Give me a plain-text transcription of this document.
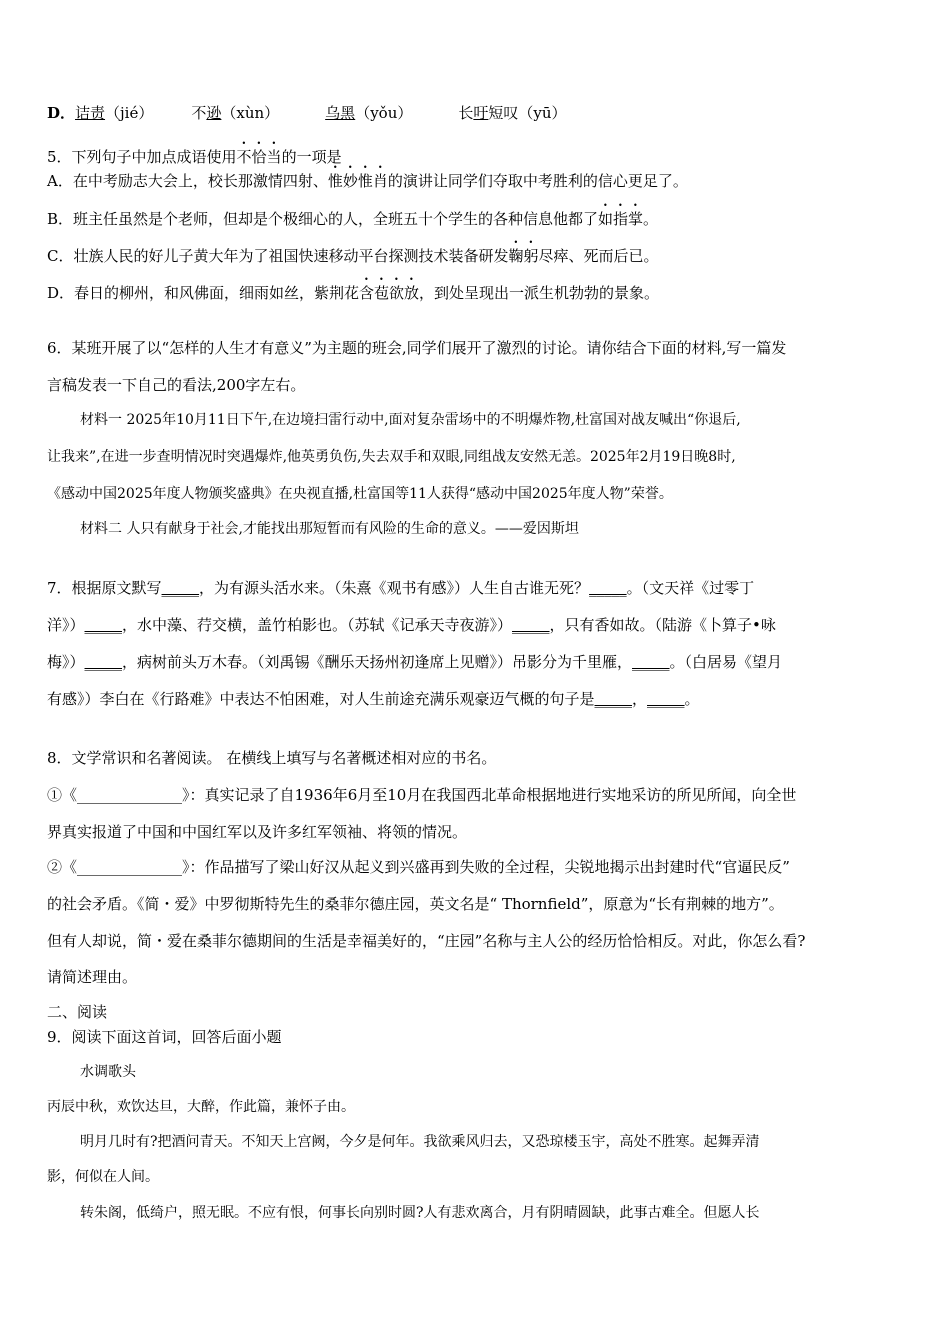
D．诘责（jié）	不逊（xùn）	乌黑（yǒu）	长吁短叹（yū）
5．下列句子中加点成语使用不恰当的一项是
A．在中考励志大会上，校长那激情四射、惟妙惟肖的演讲让同学们夺取中考胜利的信心更足了。
B．班主任虽然是个老师，但却是个极细心的人，全班五十个学生的各种信息他都了如指掌。
C．壮族人民的好儿子黄大年为了祖国快速移动平台探测技术装备研发鞠躬尽瘁、死而后已。
D．春日的柳州，和风佛面，细雨如丝，紫荆花含苞欲放，到处呈现出一派生机勃勃的景象。
6．某班开展了以“怎样的人生才有意义”为主题的班会,同学们展开了激烈的讨论。请你结合下面的材料,写一篇发
言稿发表一下自己的看法,200字左右。
材料一 2025年10月11日下午,在边境扫雷行动中,面对复杂雷场中的不明爆炸物,杜富国对战友喊出“你退后,
让我来”,在进一步查明情况时突遇爆炸,他英勇负伤,失去双手和双眼,同组战友安然无恙。2025年2月19日晚8时,
《感动中国2025年度人物颁奖盛典》在央视直播,杜富国等11人获得“感动中国2025年度人物”荣誉。
材料二 人只有献身于社会,才能找出那短暂而有风险的生命的意义。——爱因斯坦
7．根据原文默写_____，为有源头活水来。（朱熹《观书有感》）人生自古谁无死？_____。（文天祥《过零丁
洋》）_____，水中藻、荇交横，盖竹柏影也。（苏轼《记承天寺夜游》）_____，只有香如故。（陆游《卜算子•咏
梅》）_____，病树前头万木春。（刘禹锡《酬乐天扬州初逢席上见赠》）吊影分为千里雁，_____。（白居易《望月
有感》）李白在《行路难》中表达不怕困难，对人生前途充满乐观豪迈气概的句子是_____，_____。
8．文学常识和名著阅读。 在横线上填写与名著概述相对应的书名。
①《______________》：真实记录了自1936年6月至10月在我国西北革命根据地进行实地采访的所见所闻，向全世
界真实报道了中国和中国红军以及许多红军领袖、将领的情况。
②《______________》：作品描写了梁山好汉从起义到兴盛再到失败的全过程，尖锐地揭示出封建时代“官逼民反”
的社会矛盾。《简・爱》中罗彻斯特先生的桑菲尔德庄园，英文名是“ Thornfield”，原意为“长有荆棘的地方”。
但有人却说，简・爱在桑菲尔德期间的生活是幸福美好的，“庄园”名称与主人公的经历恰恰相反。对此，你怎么看?
请简述理由。
二、阅读
9．阅读下面这首词，回答后面小题
水调歌头
丙辰中秋，欢饮达旦，大醉，作此篇，兼怀子由。
明月几时有?把酒问青天。不知天上宫阙，今夕是何年。我欲乘风归去，又恐琼楼玉宇，高处不胜寒。起舞弄清
影，何似在人间。
转朱阁，低绮户，照无眠。不应有恨，何事长向别时圆?人有悲欢离合，月有阴晴圆缺，此事古难全。但愿人长
